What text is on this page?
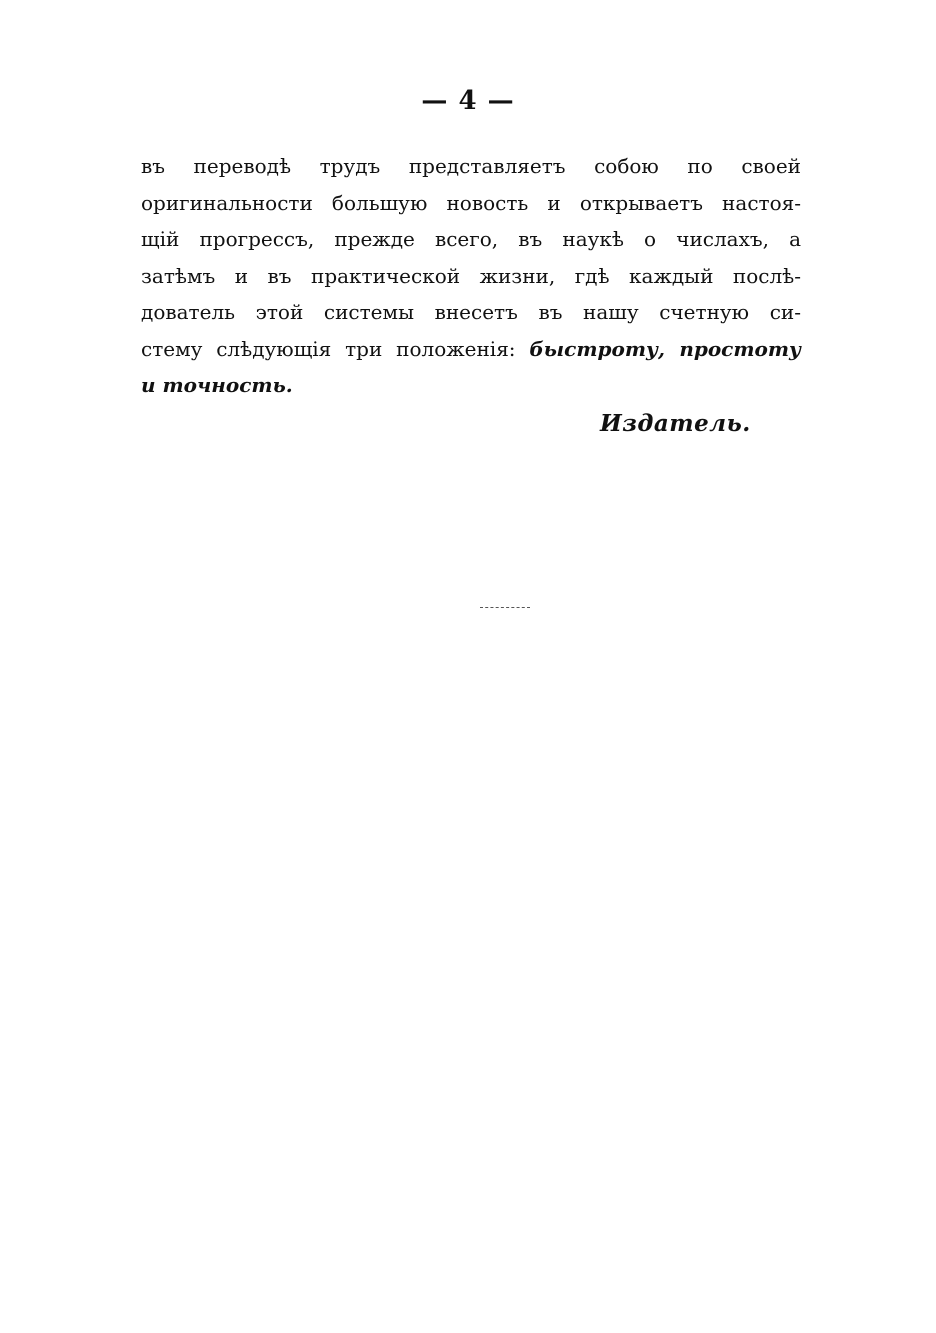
— 4 —
въ переводѣ трудъ представляетъ собою по своей
оригинальности большую новость и открываетъ настоя-
щій прогрессъ, прежде всего, въ наукѣ о числахъ, а
затѣмъ и въ практической жизни, гдѣ каждый послѣ-
дователь этой системы внесетъ въ нашу счетную си-
стему слѣдующія три положенія: быстроту, простоту
и точность.
Издатель.
